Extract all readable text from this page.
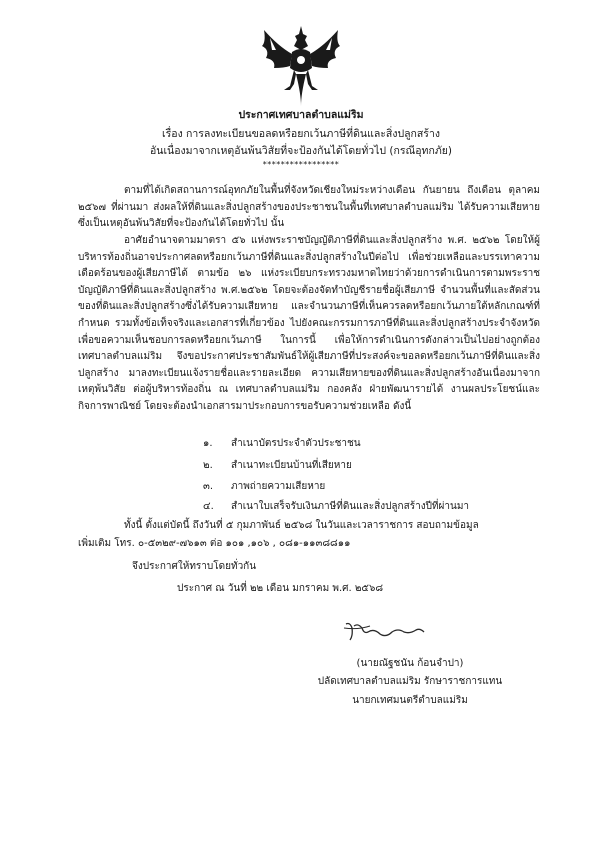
ประกาศเทศบาลตำบลแม่ริม
เรื่อง การลงทะเบียนขอลดหรือยกเว้นภาษีที่ดินและสิ่งปลูกสร้าง
อันเนื่องมาจากเหตุอันพ้นวิสัยที่จะป้องกันได้โดยทั่วไป (กรณีอุทกภัย)
*****************
ตามที่ได้เกิดสถานการณ์อุทกภัยในพื้นที่จังหวัดเชียงใหม่ระหว่างเดือน กันยายน ถึงเดือน ตุลาคม ๒๕๖๗ ที่ผ่านมา ส่งผลให้ที่ดินและสิ่งปลูกสร้างของประชาชนในพื้นที่เทศบาลตำบลแม่ริม ได้รับความเสียหาย ซึ่งเป็นเหตุอันพ้นวิสัยที่จะป้องกันได้โดยทั่วไป นั้น
อาศัยอำนาจตามมาตรา ๕๖ แห่งพระราชบัญญัติภาษีที่ดินและสิ่งปลูกสร้าง พ.ศ. ๒๕๖๒ โดยให้ผู้บริหารท้องถิ่นอาจประกาศลดหรือยกเว้นภาษีที่ดินและสิ่งปลูกสร้างในปีต่อไป เพื่อช่วยเหลือและบรรเทาความเดือดร้อนของผู้เสียภาษีได้ ตามข้อ ๒๖ แห่งระเบียบกระทรวงมหาดไทยว่าด้วยการดำเนินการตามพระราชบัญญัติภาษีที่ดินและสิ่งปลูกสร้าง พ.ศ.๒๕๖๒ โดยจะต้องจัดทำบัญชีรายชื่อผู้เสียภาษี จำนวนพื้นที่และสัดส่วนของที่ดินและสิ่งปลูกสร้างซึ่งได้รับความเสียหาย และจำนวนภาษีที่เห็นควรลดหรือยกเว้นภายใต้หลักเกณฑ์ที่กำหนด รวมทั้งข้อเท็จจริงและเอกสารที่เกี่ยวข้อง ไปยังคณะกรรมการภาษีที่ดินและสิ่งปลูกสร้างประจำจังหวัด เพื่อขอความเห็นชอบการลดหรือยกเว้นภาษี ในการนี้ เพื่อให้การดำเนินการดังกล่าวเป็นไปอย่างถูกต้อง เทศบาลตำบลแม่ริม จึงขอประกาศประชาสัมพันธ์ให้ผู้เสียภาษีที่ประสงค์จะขอลดหรือยกเว้นภาษีที่ดินและสิ่งปลูกสร้าง มาลงทะเบียนแจ้งรายชื่อและรายละเอียด ความเสียหายของที่ดินและสิ่งปลูกสร้างอันเนื่องมาจากเหตุพ้นวิสัย ต่อผู้บริหารท้องถิ่น ณ เทศบาลตำบลแม่ริม กองคลัง ฝ่ายพัฒนารายได้ งานผลประโยชน์และกิจการพาณิชย์ โดยจะต้องนำเอกสารมาประกอบการขอรับความช่วยเหลือ ดังนี้
๑. สำเนาบัตรประจำตัวประชาชน
๒. สำเนาทะเบียนบ้านที่เสียหาย
๓. ภาพถ่ายความเสียหาย
๔. สำเนาใบเสร็จรับเงินภาษีที่ดินและสิ่งปลูกสร้างปีที่ผ่านมา
ทั้งนี้ ตั้งแต่บัดนี้ ถึงวันที่ ๕ กุมภาพันธ์ ๒๕๖๘ ในวันและเวลาราชการ สอบถามข้อมูล
เพิ่มเติม โทร. ๐-๕๓๒๙-๗๖๑๓ ต่อ ๑๐๑ ,๑๐๖ , ๐๘๑-๑๑๓๘๘๑๑
จึงประกาศให้ทราบโดยทั่วกัน
ประกาศ ณ วันที่ ๒๒ เดือน มกราคม พ.ศ. ๒๕๖๘
(นายณัฐชนัน ก้อนจำปา)
ปลัดเทศบาลตำบลแม่ริม รักษาราชการแทน
นายกเทศมนตรีตำบลแม่ริม
